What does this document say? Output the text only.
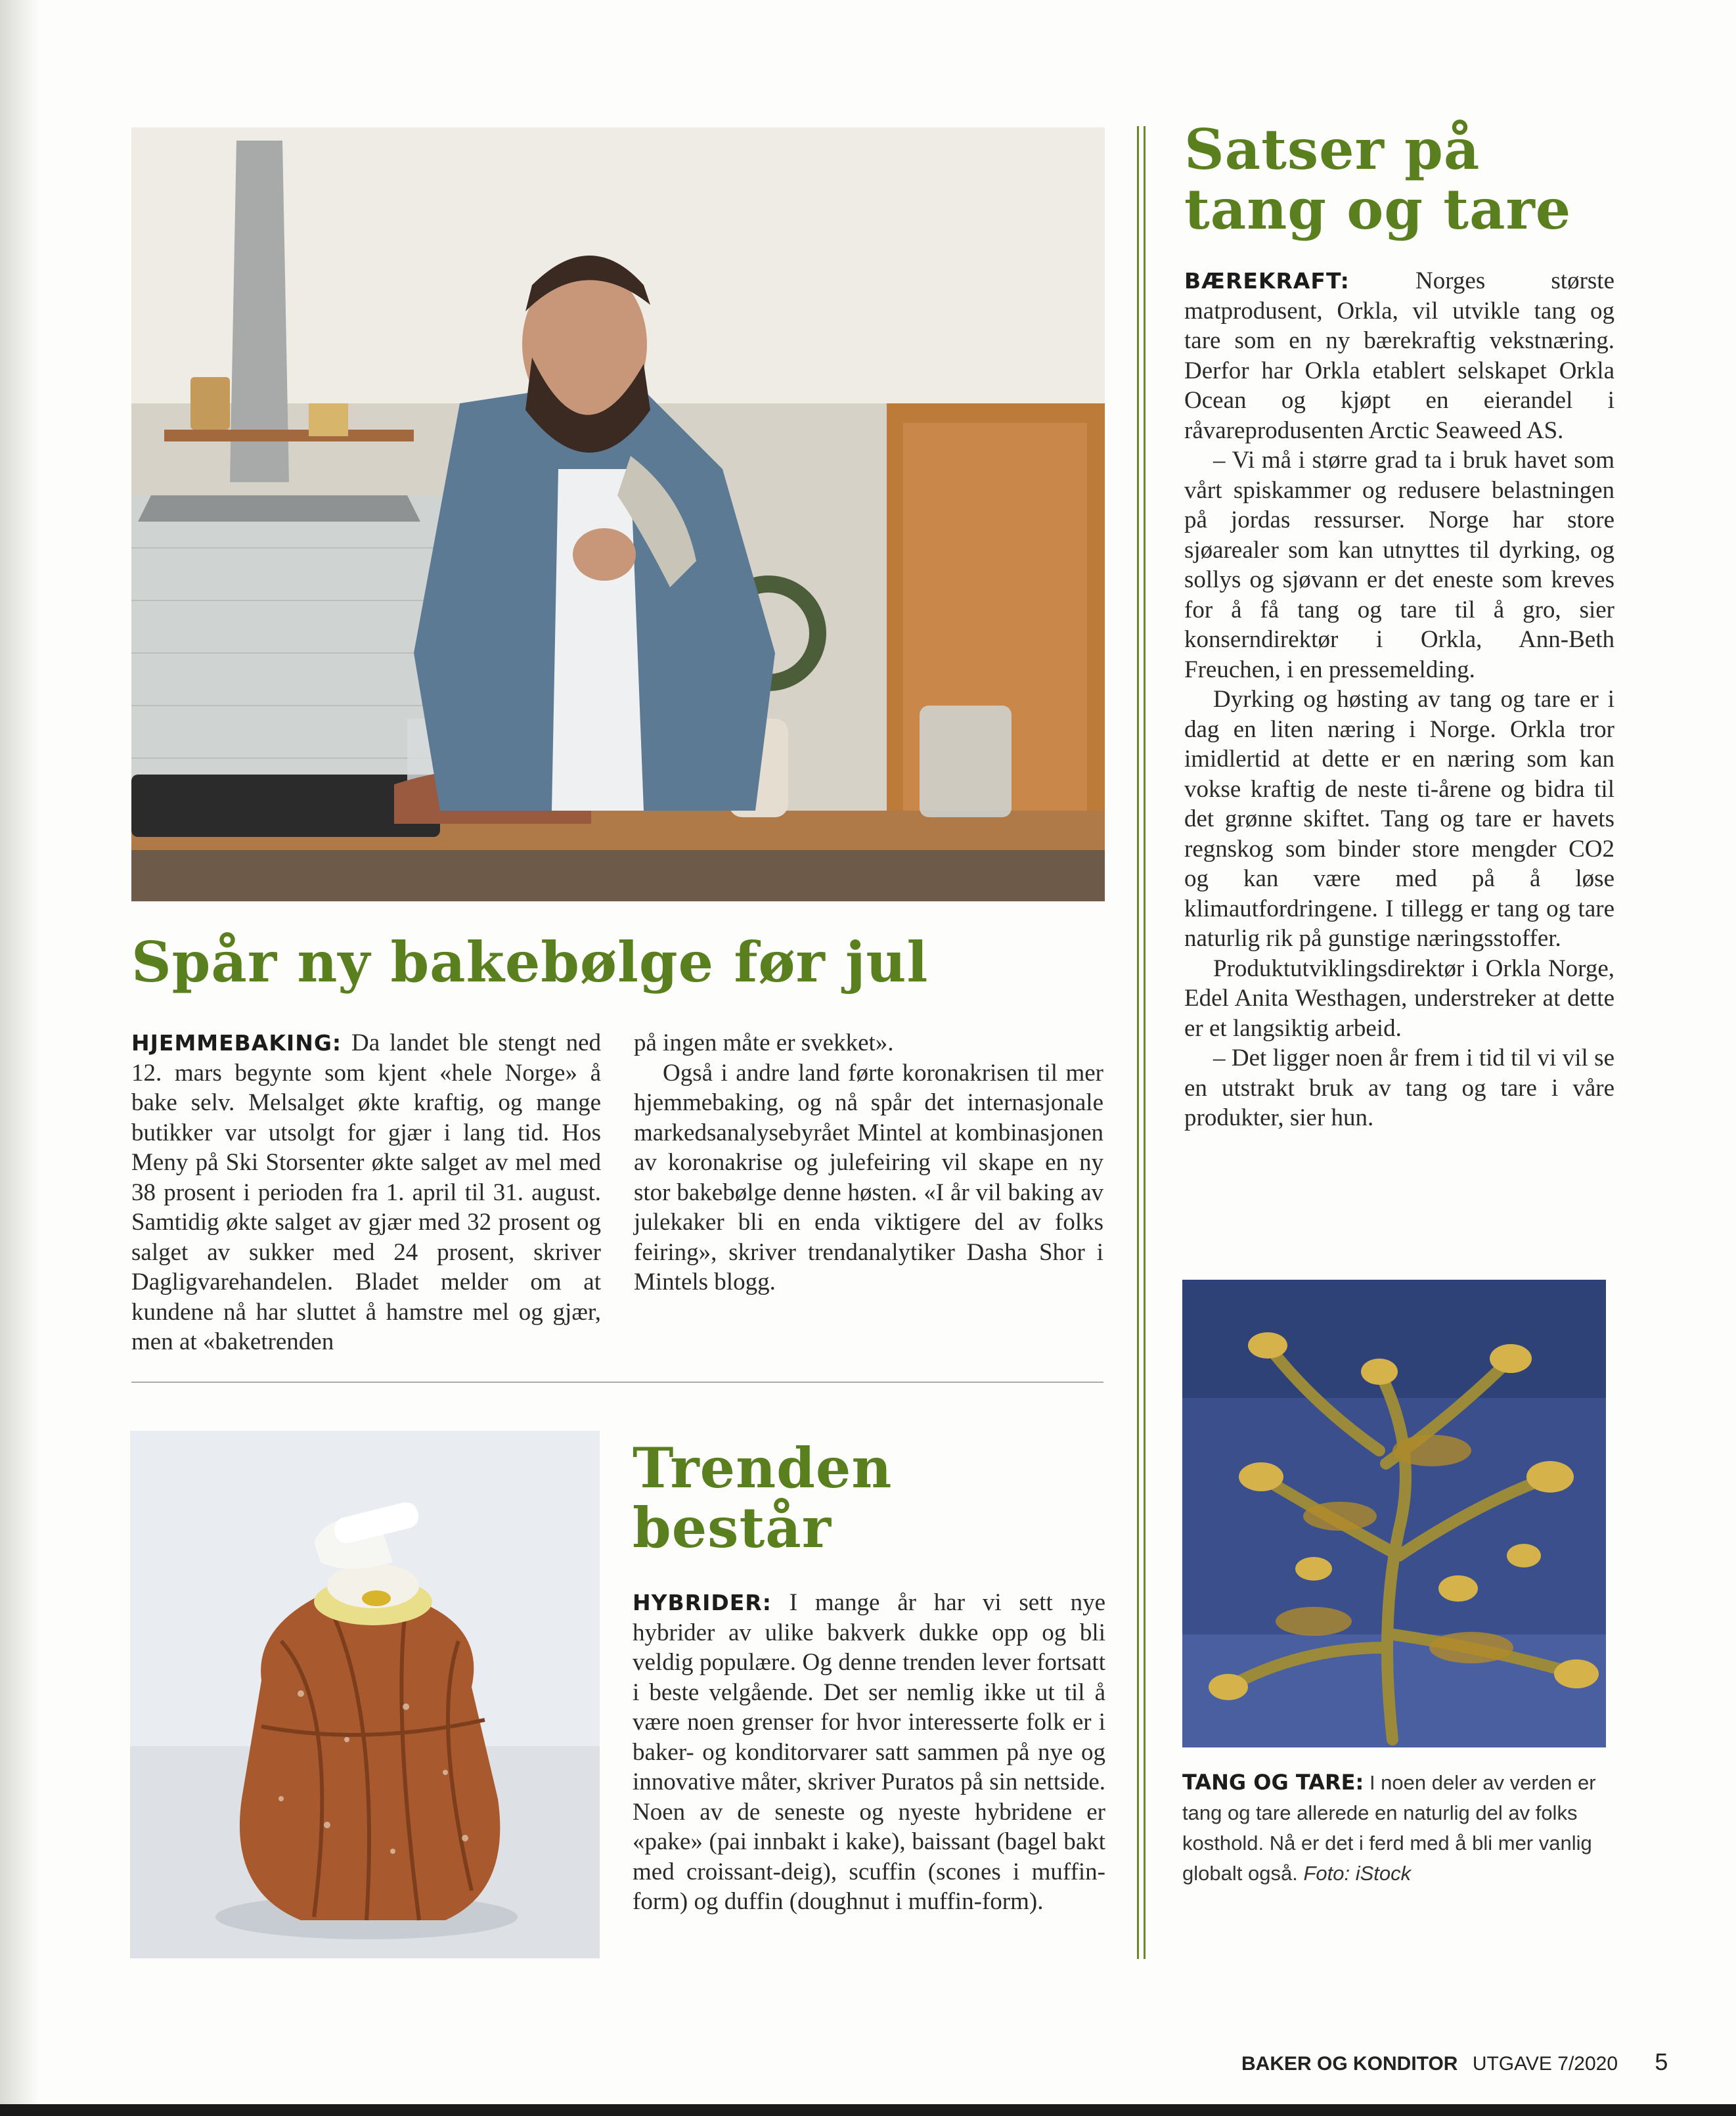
Satser på
tang og tare

BÆREKRAFT:	Norges største matprodusent, Orkla, vil utvikle tang og tare som en ny bærekraftig vekstnæring. Derfor har Orkla etablert selskapet Orkla Ocean og kjøpt en eierandel i råvareprodusenten Arctic Seaweed AS.

– Vi må i større grad ta i bruk havet som vårt spiskammer og redusere belastningen på jordas ressurser. Norge har store sjøarealer som kan utnyttes til dyrking, og sollys og sjøvann er det eneste som kreves for å få tang og tare til å gro, sier konserndirektør i Orkla, Ann-Beth Freuchen, i en pressemelding.

Dyrking og høsting av tang og tare er i dag en liten næring i Norge. Orkla tror imidlertid at dette er en næring som kan vokse kraftig de neste ti-årene og bidra til det grønne skiftet. Tang og tare er havets regnskog som binder store mengder CO2 og kan være med på å løse klimautfordringene. I tillegg er tang og tare naturlig rik på gunstige næringsstoffer.

Produktutviklingsdirektør i Orkla Norge, Edel Anita Westhagen, understreker at dette er et langsiktig arbeid.

– Det ligger noen år frem i tid til vi vil se en utstrakt bruk av tang og tare i våre produkter, sier hun.

TANG OG TARE: I noen deler av verden er tang og tare allerede en naturlig del av folks kosthold. Nå er det i ferd med å bli mer vanlig globalt også. Foto: iStock
Spår ny bakebølge før jul

HJEMMEBAKING: Da landet ble stengt ned 12. mars begynte som kjent «hele Norge» å bake selv. Melsalget økte kraftig, og mange butikker var utsolgt for gjær i lang tid. Hos Meny på Ski Storsenter økte salget av mel med 38 prosent i perioden fra 1. april til 31. august. Samtidig økte salget av gjær med 32 prosent og salget av sukker med 24 prosent, skriver Dagligvarehandelen. Bladet melder om at kundene nå har sluttet å hamstre mel og gjær, men at «baketrenden

på ingen måte er svekket».

Også i andre land førte koronakrisen til mer hjemmebaking, og nå spår det internasjonale markedsanalysebyrået Mintel at kombinasjonen av koronakrise og julefeiring vil skape en ny stor bakebølge denne høsten. «I år vil baking av julekaker bli en enda viktigere del av folks feiring», skriver trendanalytiker Dasha Shor i Mintels blogg.

Trenden
består

HYBRIDER: I mange år har vi sett nye hybrider av ulike bakverk dukke opp og bli veldig populære. Og denne trenden lever fortsatt i beste velgående. Det ser nemlig ikke ut til å være noen grenser for hvor interesserte folk er i baker- og konditorvarer satt sammen på nye og innovative måter, skriver Puratos på sin nettside. Noen av de seneste og nyeste hybridene er «pake» (pai innbakt i kake), baissant (bagel bakt med croissant-deig), scuffin (scones i muffin-form) og duffin (doughnut i muffin-form).

BAKER OG KONDITOR UTGAVE 7/2020 5
